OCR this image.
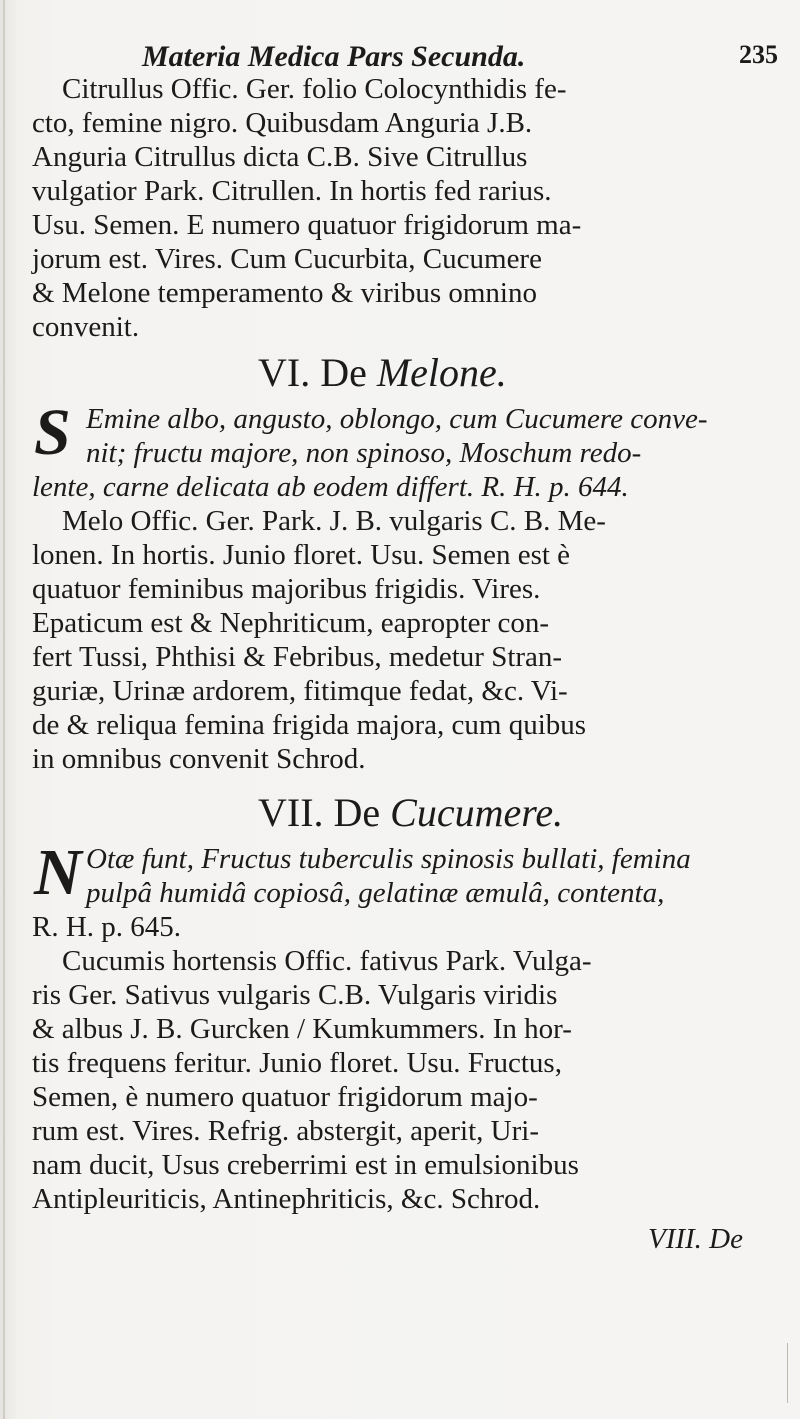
Materia Medica Pars Secunda.	235
Citrullus Offic. Ger. folio Colocynthidis fe-
cto, femine nigro. Quibusdam Anguria J.B.
Anguria Citrullus dicta C.B. Sive Citrullus
vulgatior Park. Citrullen. In hortis fed rarius.
Usu. Semen. E numero quatuor frigidorum ma-
jorum est. Vires. Cum Cucurbita, Cucumere
& Melone temperamento & viribus omnino
convenit.
VI. De Melone.
S Emine albo, angusto, oblongo, cum Cucumere conve-
nit; fructu majore, non spinoso, Moschum redo-
lente, carne delicata ab eodem differt. R. H. p. 644.
Melo Offic. Ger. Park. J. B. vulgaris C. B. Me-
lonen. In hortis. Junio floret. Usu. Semen est è
quatuor feminibus majoribus frigidis. Vires.
Epaticum est & Nephriticum, eapropter con-
fert Tussi, Phthisi & Febribus, medetur Stran-
guriæ, Urinæ ardorem, fitimque fedat, &c. Vi-
de & reliqua femina frigida majora, cum quibus
in omnibus convenit Schrod.
VII. De Cucumere.
N Otæ funt, Fructus tuberculis spinosis bullati, femina
pulpâ humidâ copiosâ, gelatinæ æmulâ, contenta,
R. H. p. 645.
Cucumis hortensis Offic. fativus Park. Vulga-
ris Ger. Sativus vulgaris C.B. Vulgaris viridis
& albus J. B. Gurcken / Kumkummers. In hor-
tis frequens feritur. Junio floret. Usu. Fructus,
Semen, è numero quatuor frigidorum majo-
rum est. Vires. Refrig. abstergit, aperit, Uri-
nam ducit, Usus creberrimi est in emulsionibus
Antipleuriticis, Antinephriticis, &c. Schrod.
VIII. De
